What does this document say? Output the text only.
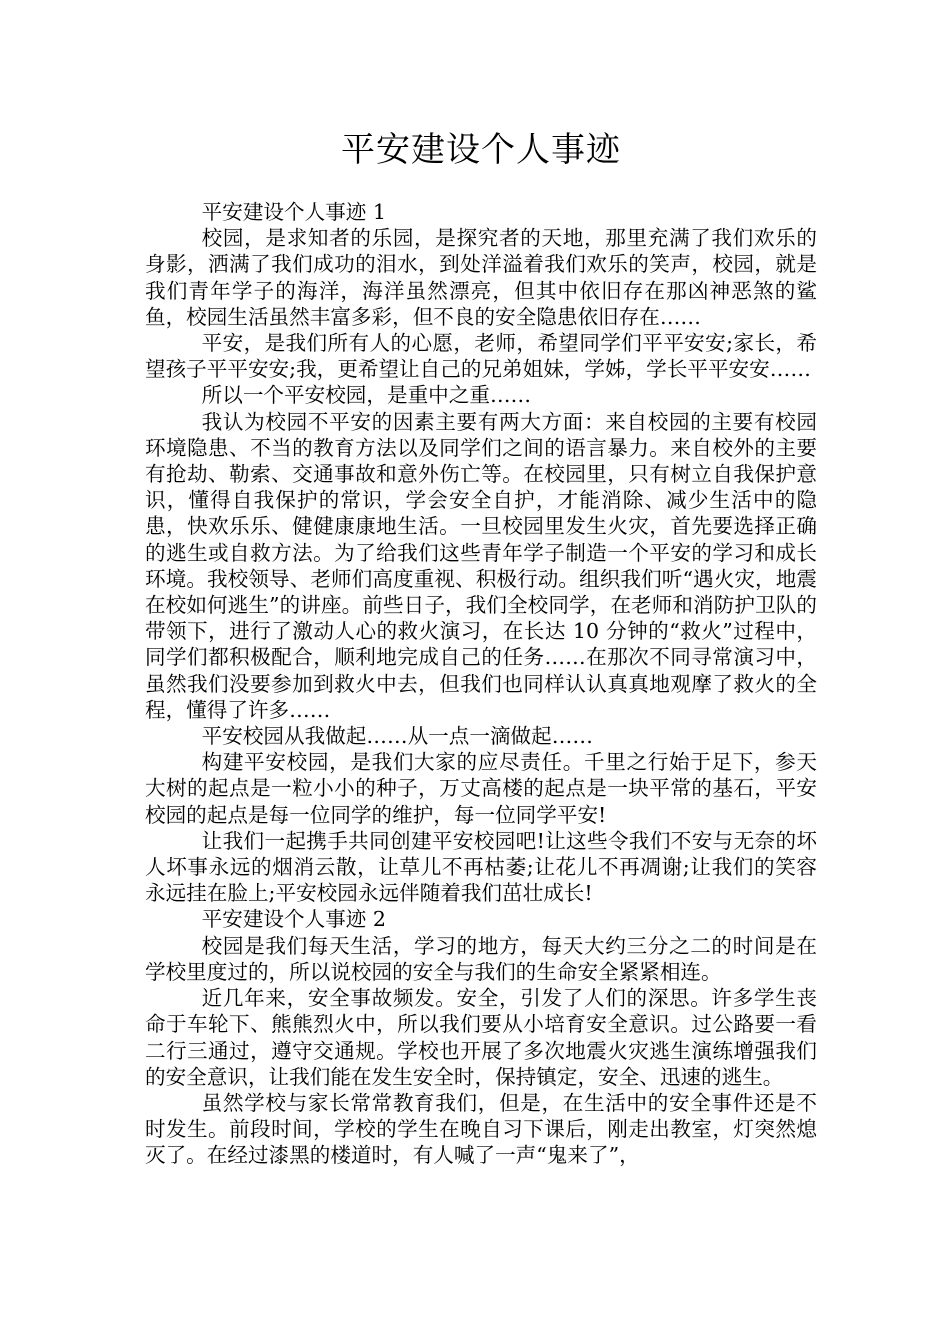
平安建设个人事迹

平安建设个人事迹 1

校园，是求知者的乐园，是探究者的天地，那里充满了我们欢乐的身影，洒满了我们成功的泪水，到处洋溢着我们欢乐的笑声，校园，就是我们青年学子的海洋，海洋虽然漂亮，但其中依旧存在那凶神恶煞的鲨鱼，校园生活虽然丰富多彩，但不良的安全隐患依旧存在……

平安，是我们所有人的心愿，老师，希望同学们平平安安;家长，希望孩子平平安安;我，更希望让自己的兄弟姐妹，学姊，学长平平安安……

所以一个平安校园，是重中之重……

我认为校园不平安的因素主要有两大方面：来自校园的主要有校园环境隐患、不当的教育方法以及同学们之间的语言暴力。来自校外的主要有抢劫、勒索、交通事故和意外伤亡等。在校园里，只有树立自我保护意识，懂得自我保护的常识，学会安全自护，才能消除、减少生活中的隐患，快欢乐乐、健健康康地生活。一旦校园里发生火灾，首先要选择正确的逃生或自救方法。为了给我们这些青年学子制造一个平安的学习和成长环境。我校领导、老师们高度重视、积极行动。组织我们听“遇火灾，地震在校如何逃生”的讲座。前些日子，我们全校同学，在老师和消防护卫队的带领下，进行了激动人心的救火演习，在长达 10 分钟的“救火”过程中，同学们都积极配合，顺利地完成自己的任务……在那次不同寻常演习中，虽然我们没要参加到救火中去，但我们也同样认认真真地观摩了救火的全程，懂得了许多……

平安校园从我做起……从一点一滴做起……

构建平安校园，是我们大家的应尽责任。千里之行始于足下，参天大树的起点是一粒小小的种子，万丈高楼的起点是一块平常的基石，平安校园的起点是每一位同学的维护，每一位同学平安!

让我们一起携手共同创建平安校园吧!让这些令我们不安与无奈的坏人坏事永远的烟消云散，让草儿不再枯萎;让花儿不再凋谢;让我们的笑容永远挂在脸上;平安校园永远伴随着我们茁壮成长!

平安建设个人事迹 2

校园是我们每天生活，学习的地方，每天大约三分之二的时间是在学校里度过的，所以说校园的安全与我们的生命安全紧紧相连。

近几年来，安全事故频发。安全，引发了人们的深思。许多学生丧命于车轮下、熊熊烈火中，所以我们要从小培育安全意识。过公路要一看二行三通过，遵守交通规。学校也开展了多次地震火灾逃生演练增强我们的安全意识，让我们能在发生安全时，保持镇定，安全、迅速的逃生。

虽然学校与家长常常教育我们，但是，在生活中的安全事件还是不时发生。前段时间，学校的学生在晚自习下课后，刚走出教室，灯突然熄灭了。在经过漆黑的楼道时，有人喊了一声“鬼来了”，
